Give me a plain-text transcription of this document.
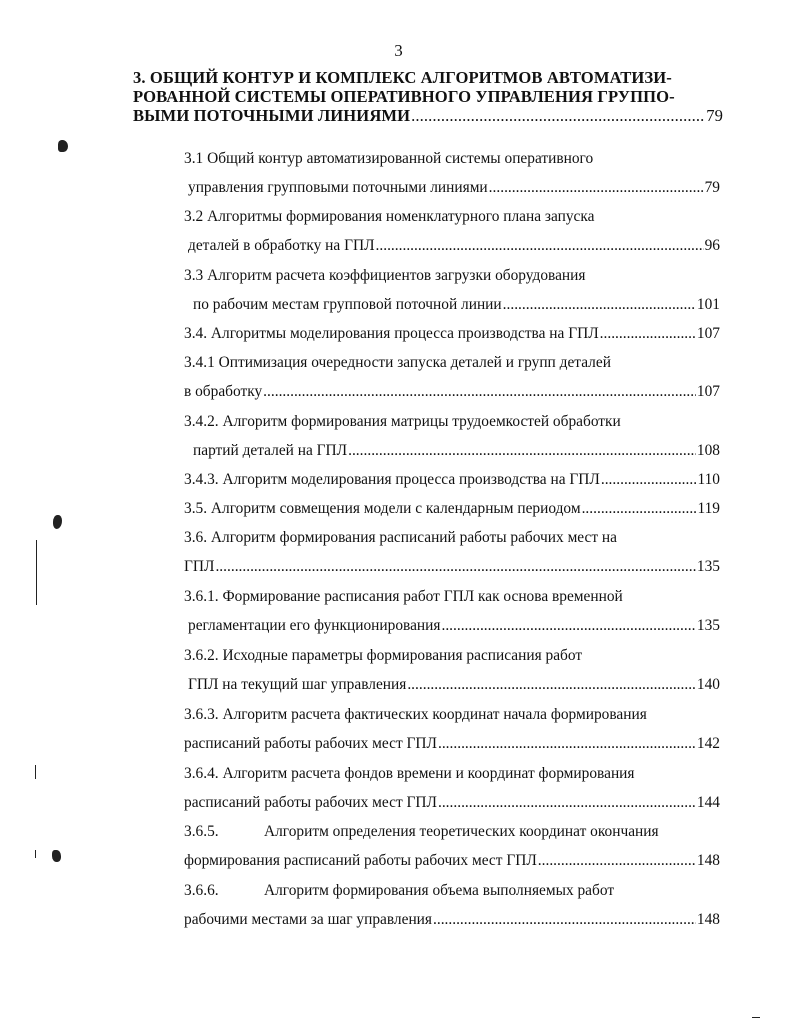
3
3. ОБЩИЙ КОНТУР И КОМПЛЕКС АЛГОРИТМОВ АВТОМАТИЗИ-
РОВАННОЙ СИСТЕМЫ ОПЕРАТИВНОГО УПРАВЛЕНИЯ ГРУППО-
ВЫМИ ПОТОЧНЫМИ ЛИНИЯМИ .....	79
3.1 Общий контур автоматизированной системы оперативного
управления групповыми поточными линиями .....	79
3.2 Алгоритмы формирования номенклатурного плана запуска
деталей в обработку на ГПЛ .....	96
3.3 Алгоритм расчета коэффициентов загрузки оборудования
по рабочим местам групповой поточной линии .....	101
3.4. Алгоритмы моделирования процесса производства на ГПЛ .....	107
3.4.1 Оптимизация очередности запуска деталей и групп деталей
в обработку .....	107
3.4.2. Алгоритм формирования матрицы трудоемкостей обработки
партий деталей на ГПЛ .....	108
3.4.3. Алгоритм моделирования процесса производства на ГПЛ .....	110
3.5. Алгоритм совмещения модели с календарным периодом .....	119
3.6. Алгоритм формирования расписаний работы рабочих мест на
ГПЛ .....	135
3.6.1. Формирование расписания работ ГПЛ как основа временной
регламентации его функционирования .....	135
3.6.2. Исходные параметры формирования расписания работ
ГПЛ на текущий шаг управления .....	140
3.6.3. Алгоритм расчета фактических координат начала формирования
расписаний работы рабочих мест ГПЛ .....	142
3.6.4. Алгоритм расчета фондов времени и координат формирования
расписаний работы рабочих мест ГПЛ .....	144
3.6.5.	Алгоритм определения теоретических координат окончания
формирования расписаний работы рабочих мест ГПЛ .....	148
3.6.6.	Алгоритм формирования объема выполняемых работ
рабочими местами за шаг управления .....	148
